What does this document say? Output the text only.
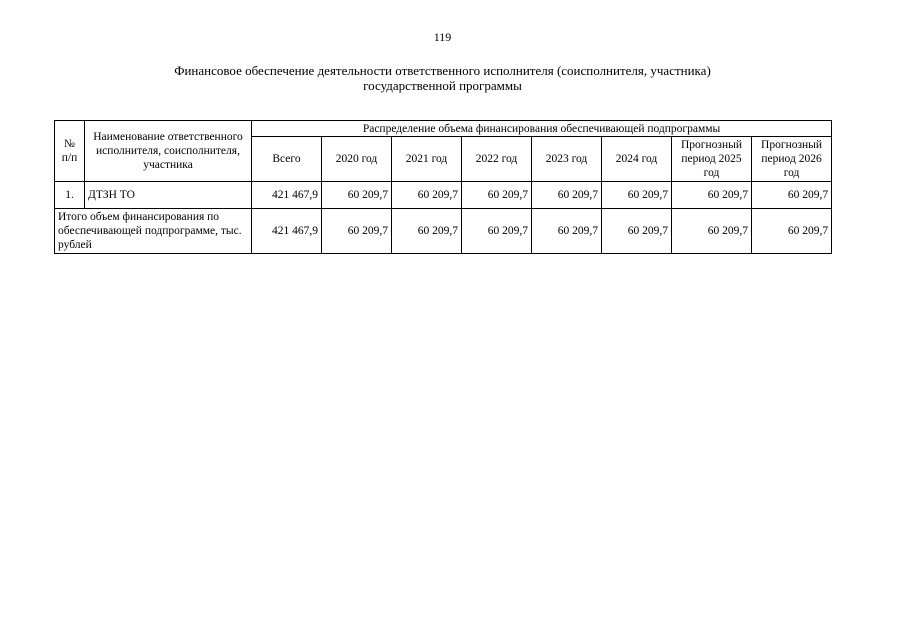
119
Финансовое обеспечение деятельности ответственного исполнителя (соисполнителя, участника)
государственной программы
№ п/п	Наименование ответственного исполнителя, соисполнителя, участника	Распределение объема финансирования обеспечивающей подпрограммы							
		Всего	2020 год	2021 год	2022 год	2023 год	2024 год	Прогнозный период 2025 год	Прогнозный период 2026 год
1.	ДТЗН ТО	421 467,9	60 209,7	60 209,7	60 209,7	60 209,7	60 209,7	60 209,7	60 209,7
Итого объем финансирования по обеспечивающей подпрограмме, тыс. рублей		421 467,9	60 209,7	60 209,7	60 209,7	60 209,7	60 209,7	60 209,7	60 209,7
